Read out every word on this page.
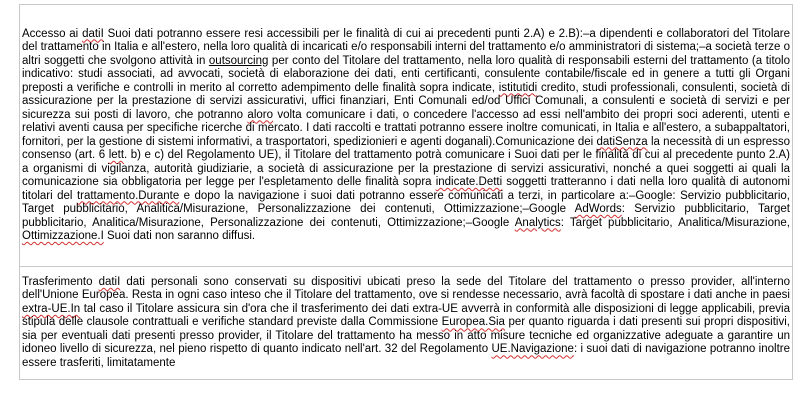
Accesso ai datiI Suoi dati potranno essere resi accessibili per le finalità di cui ai precedenti punti 2.A) e 2.B):–a dipendenti e collaboratori del Titolare del trattamento in Italia e all'estero, nella loro qualità di incaricati e/o responsabili interni del trattamento e/o amministratori di sistema;–a società terze o altri soggetti che svolgono attività in outsourcing per conto del Titolare del trattamento, nella loro qualità di responsabili esterni del trattamento (a titolo indicativo: studi associati, ad avvocati, società di elaborazione dei dati, enti certificanti, consulente contabile/fiscale ed in genere a tutti gli Organi preposti a verifiche e controlli in merito al corretto adempimento delle finalità sopra indicate, istitutidi credito, studi professionali, consulenti, società di assicurazione per la prestazione di servizi assicurativi, uffici finanziari, Enti Comunali ed/od Uffici Comunali, a consulenti e società di servizi e per sicurezza sui posti di lavoro, che potranno aloro volta comunicare i dati, o concedere l'accesso ad essi nell'ambito dei propri soci aderenti, utenti e relativi aventi causa per specifiche ricerche di mercato. I dati raccolti e trattati potranno essere inoltre comunicati, in Italia e all'estero, a subappaltatori, fornitori, per la gestione di sistemi informativi, a trasportatori, spedizionieri e agenti doganali).Comunicazione dei datiSenza la necessità di un espresso consenso (art. 6 lett. b) e c) del Regolamento UE), il Titolare del trattamento potrà comunicare i Suoi dati per le finalità di cui al precedente punto 2.A) a organismi di vigilanza, autorità giudiziarie, a società di assicurazione per la prestazione di servizi assicurativi, nonché a quei soggetti ai quali la comunicazione sia obbligatoria per legge per l'espletamento delle finalità sopra indicate.Detti soggetti tratteranno i dati nella loro qualità di autonomi titolari del trattamento.Durante e dopo la navigazione i suoi dati potranno essere comunicati a terzi, in particolare a:–Google: Servizio pubblicitario, Target pubblicitario, Analitica/Misurazione, Personalizzazione dei contenuti, Ottimizzazione;–Google AdWords: Servizio pubblicitario, Target pubblicitario, Analitica/Misurazione, Personalizzazione dei contenuti, Ottimizzazione;–Google Analytics: Target pubblicitario, Analitica/Misurazione, Ottimizzazione.I Suoi dati non saranno diffusi.

Trasferimento datiI dati personali sono conservati su dispositivi ubicati preso la sede del Titolare del trattamento o presso provider, all'interno dell'Unione Europea. Resta in ogni caso inteso che il Titolare del trattamento, ove si rendesse necessario, avrà facoltà di spostare i dati anche in paesi extra-UE.In tal caso il Titolare assicura sin d'ora che il trasferimento dei dati extra-UE avverrà in conformità alle disposizioni di legge applicabili, previa stipula delle clausole contrattuali e verifiche standard previste dalla Commissione Europea.Sia per quanto riguarda i dati presenti sui propri dispositivi, sia per eventuali dati presenti presso provider, il Titolare del trattamento ha messo in atto misure tecniche ed organizzative adeguate a garantire un idoneo livello di sicurezza, nel pieno rispetto di quanto indicato nell'art. 32 del Regolamento UE.Navigazione: i suoi dati di navigazione potranno inoltre essere trasferiti, limitatamente
